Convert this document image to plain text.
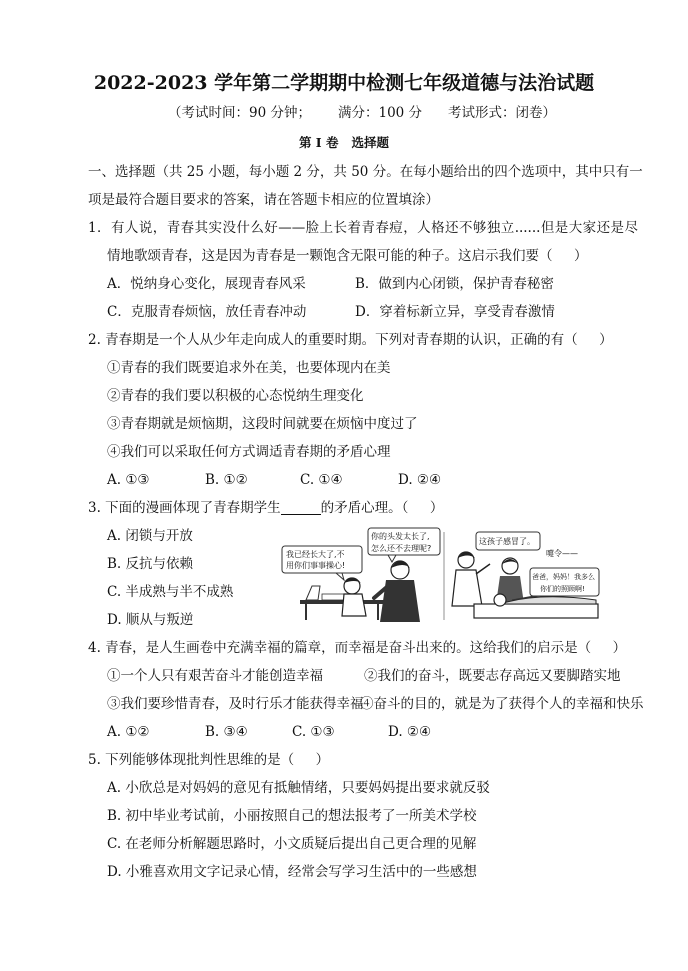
2022-2023 学年第二学期期中检测七年级道德与法治试题
（考试时间：90 分钟； 满分：100 分 考试形式：闭卷）
第 I 卷   选择题
一、选择题（共 25 小题，每小题 2 分，共 50 分。在每小题给出的四个选项中，其中只有一
项是最符合题目要求的答案，请在答题卡相应的位置填涂）
1．有人说，青春其实没什么好——脸上长着青春痘，人格还不够独立......但是大家还是尽
情地歌颂青春，这是因为青春是一颗饱含无限可能的种子。这启示我们要（     ）
A．悦纳身心变化，展现青春风采	B．做到内心闭锁，保护青春秘密
C．克服青春烦恼，放任青春冲动	D．穿着标新立异，享受青春激情
2. 青春期是一个人从少年走向成人的重要时期。下列对青春期的认识，正确的有（     ）
①青春的我们既要追求外在美，也要体现内在美
②青春的我们要以积极的心态悦纳生理变化
③青春期就是烦恼期，这段时间就要在烦恼中度过了
④我们可以采取任何方式调适青春期的矛盾心理
A. ①③	B. ①②	C. ①④	D. ②④
3. 下面的漫画体现了青春期学生	的矛盾心理。（     ）
A. 闭锁与开放
B. 反抗与依赖
C. 半成熟与半不成熟
D. 顺从与叛逆
4. 青春，是人生画卷中充满幸福的篇章，而幸福是奋斗出来的。这给我们的启示是（     ）
①一个人只有艰苦奋斗才能创造幸福	②我们的奋斗，既要志存高远又要脚踏实地
③我们要珍惜青春，及时行乐才能获得幸福
④奋斗的目的，就是为了获得个人的幸福和快乐
A. ①②	B. ③④	C. ①③	D. ②④
5. 下列能够体现批判性思维的是（     ）
A. 小欣总是对妈妈的意见有抵触情绪，只要妈妈提出要求就反驳
B. 初中毕业考试前，小丽按照自己的想法报考了一所美术学校
C. 在老师分析解题思路时，小文质疑后提出自己更合理的见解
D. 小雅喜欢用文字记录心情，经常会写学习生活中的一些感想
我已经长大了,不
用你们事事操心!
你的头发太长了,
怎么还不去理呢?
这孩子感冒了。
嚏令——
爸爸，妈妈！我多么
你们的照顾啊!
